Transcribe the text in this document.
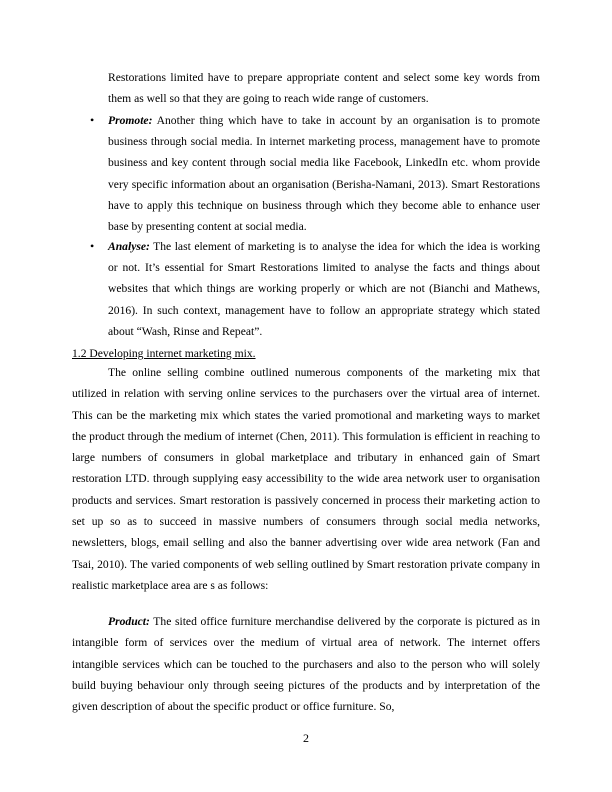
Restorations limited have to prepare appropriate content and select some key words from them as well so that they are going to reach wide range of customers.

• Promote: Another thing which have to take in account by an organisation is to promote business through social media. In internet marketing process, management have to promote business and key content through social media like Facebook, LinkedIn etc. whom provide very specific information about an organisation (Berisha-Namani, 2013). Smart Restorations have to apply this technique on business through which they become able to enhance user base by presenting content at social media.

• Analyse: The last element of marketing is to analyse the idea for which the idea is working or not. It’s essential for Smart Restorations limited to analyse the facts and things about websites that which things are working properly or which are not (Bianchi and Mathews, 2016). In such context, management have to follow an appropriate strategy which stated about “Wash, Rinse and Repeat”.

1.2 Developing internet marketing mix.

The online selling combine outlined numerous components of the marketing mix that utilized in relation with serving online services to the purchasers over the virtual area of internet. This can be the marketing mix which states the varied promotional and marketing ways to market the product through the medium of internet (Chen, 2011). This formulation is efficient in reaching to large numbers of consumers in global marketplace and tributary in enhanced gain of Smart restoration LTD. through supplying easy accessibility to the wide area network user to organisation products and services. Smart restoration is passively concerned in process their marketing action to set up so as to succeed in massive numbers of consumers through social media networks, newsletters, blogs, email selling and also the banner advertising over wide area network (Fan and Tsai, 2010). The varied components of web selling outlined by Smart restoration private company in realistic marketplace area are s as follows:

Product: The sited office furniture merchandise delivered by the corporate is pictured as in intangible form of services over the medium of virtual area of network. The internet offers intangible services which can be touched to the purchasers and also to the person who will solely build buying behaviour only through seeing pictures of the products and by interpretation of the given description of about the specific product or office furniture. So,

2
